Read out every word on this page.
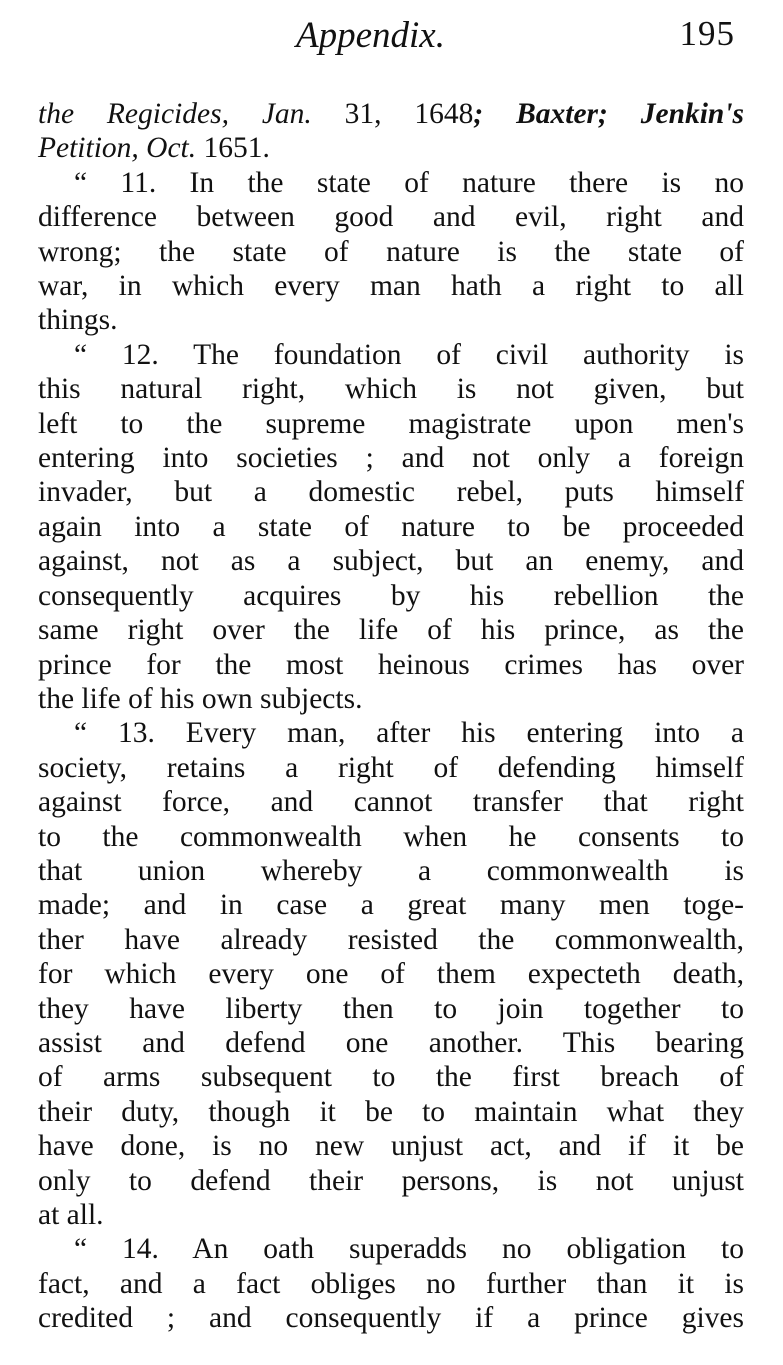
Appendix.	195
the Regicides, Jan. 31, 1648; Baxter; Jenkin's
Petition, Oct. 1651.
“ 11. In the state of nature there is no
difference between good and evil, right and
wrong; the state of nature is the state of
war, in which every man hath a right to all
things.
“ 12. The foundation of civil authority is
this natural right, which is not given, but
left to the supreme magistrate upon men's
entering into societies ; and not only a foreign
invader, but a domestic rebel, puts himself
again into a state of nature to be proceeded
against, not as a subject, but an enemy, and
consequently acquires by his rebellion the
same right over the life of his prince, as the
prince for the most heinous crimes has over
the life of his own subjects.
“ 13. Every man, after his entering into a
society, retains a right of defending himself
against force, and cannot transfer that right
to the commonwealth when he consents to
that union whereby a commonwealth is
made; and in case a great many men toge-
ther have already resisted the commonwealth,
for which every one of them expecteth death,
they have liberty then to join together to
assist and defend one another. This bearing
of arms subsequent to the first breach of
their duty, though it be to maintain what they
have done, is no new unjust act, and if it be
only to defend their persons, is not unjust
at all.
“ 14. An oath superadds no obligation to
fact, and a fact obliges no further than it is
credited ; and consequently if a prince gives
